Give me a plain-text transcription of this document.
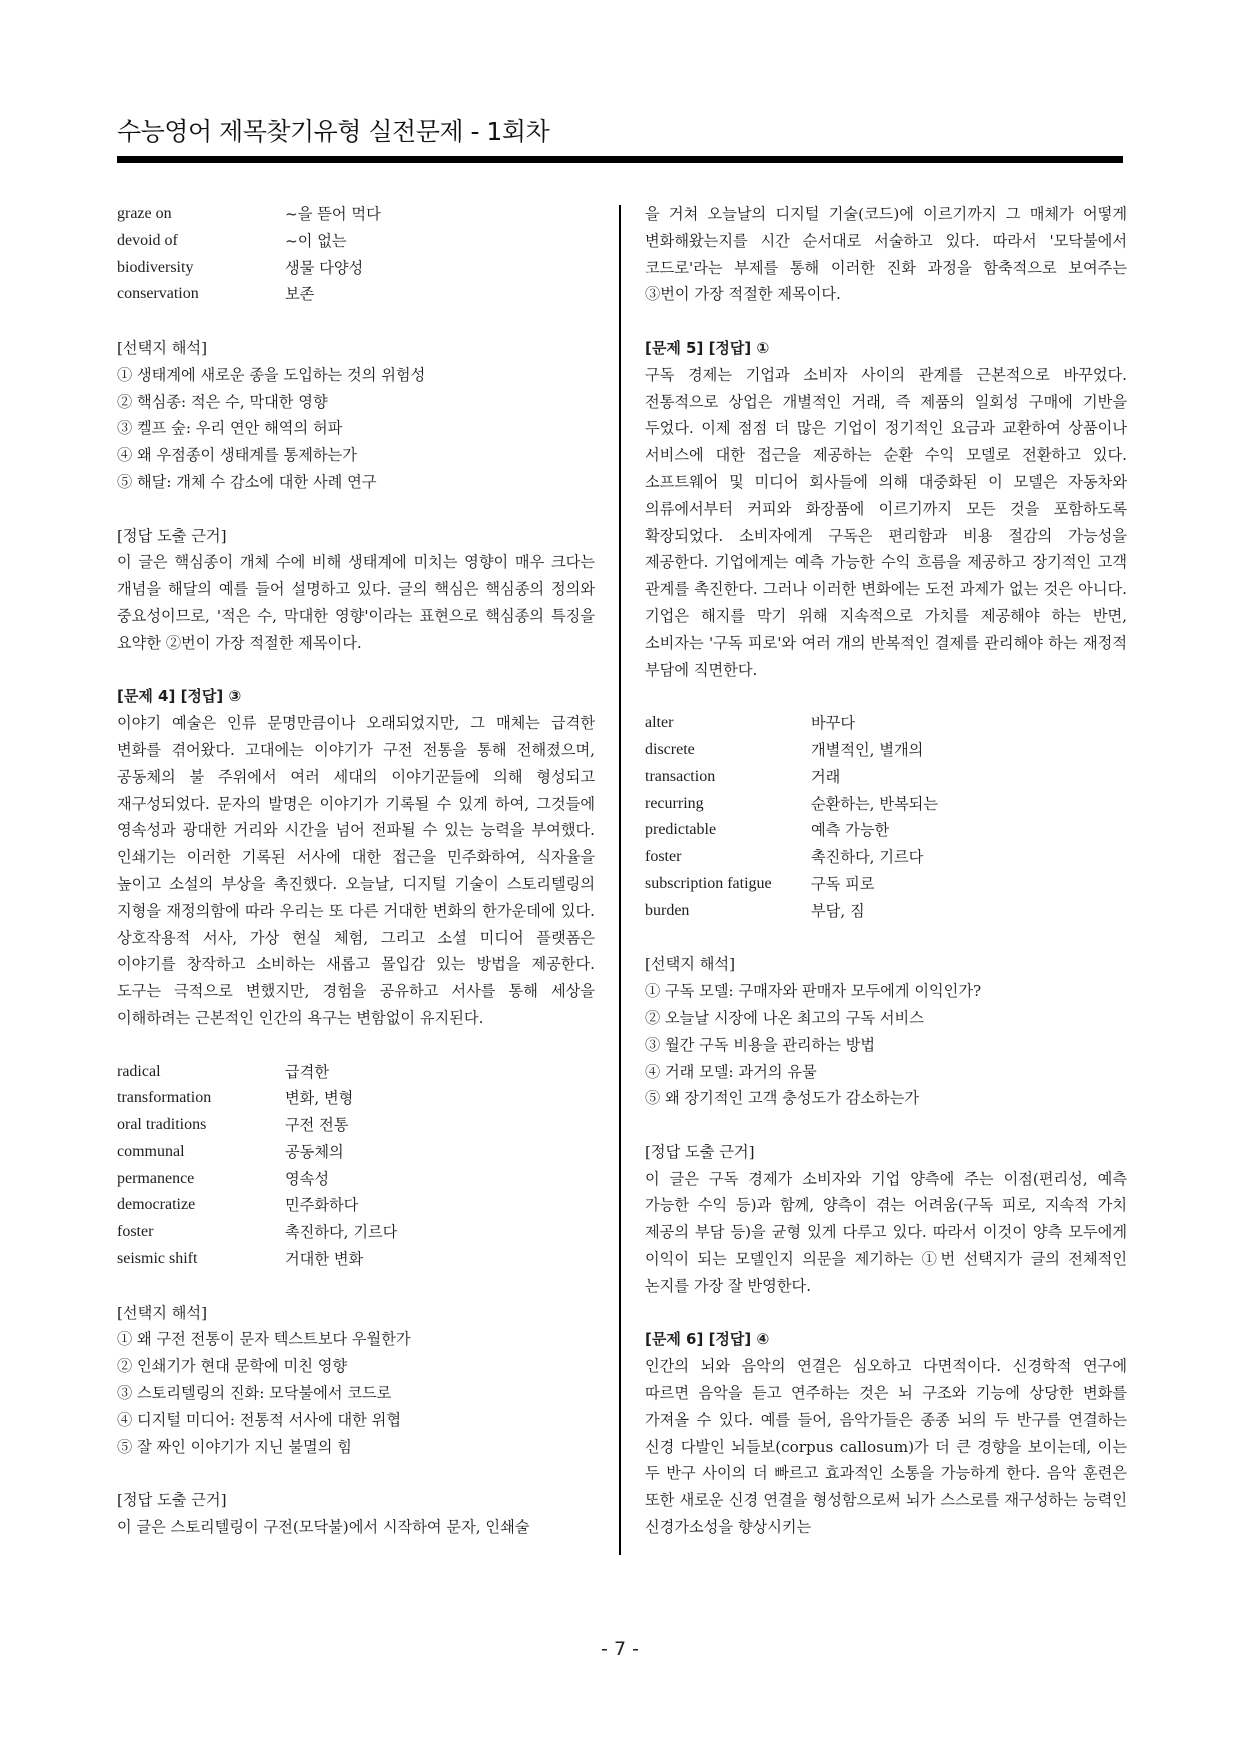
수능영어 제목찾기유형 실전문제 - 1회차
graze on	~을 뜯어 먹다
devoid of	~이 없는
biodiversity	생물 다양성
conservation	보존
[선택지 해석]
① 생태계에 새로운 종을 도입하는 것의 위험성
② 핵심종: 적은 수, 막대한 영향
③ 켈프 숲: 우리 연안 해역의 허파
④ 왜 우점종이 생태계를 통제하는가
⑤ 해달: 개체 수 감소에 대한 사례 연구
[정답 도출 근거]
이 글은 핵심종이 개체 수에 비해 생태계에 미치는 영향이 매우 크다는 개념을 해달의 예를 들어 설명하고 있다. 글의 핵심은 핵심종의 정의와 중요성이므로, '적은 수, 막대한 영향'이라는 표현으로 핵심종의 특징을 요약한 ②번이 가장 적절한 제목이다.
[문제 4] [정답] ③
이야기 예술은 인류 문명만큼이나 오래되었지만, 그 매체는 급격한 변화를 겪어왔다. 고대에는 이야기가 구전 전통을 통해 전해졌으며, 공동체의 불 주위에서 여러 세대의 이야기꾼들에 의해 형성되고 재구성되었다. 문자의 발명은 이야기가 기록될 수 있게 하여, 그것들에 영속성과 광대한 거리와 시간을 넘어 전파될 수 있는 능력을 부여했다. 인쇄기는 이러한 기록된 서사에 대한 접근을 민주화하여, 식자율을 높이고 소설의 부상을 촉진했다. 오늘날, 디지털 기술이 스토리텔링의 지형을 재정의함에 따라 우리는 또 다른 거대한 변화의 한가운데에 있다. 상호작용적 서사, 가상 현실 체험, 그리고 소셜 미디어 플랫폼은 이야기를 창작하고 소비하는 새롭고 몰입감 있는 방법을 제공한다. 도구는 극적으로 변했지만, 경험을 공유하고 서사를 통해 세상을 이해하려는 근본적인 인간의 욕구는 변함없이 유지된다.
radical	급격한
transformation	변화, 변형
oral traditions	구전 전통
communal	공동체의
permanence	영속성
democratize	민주화하다
foster	촉진하다, 기르다
seismic shift	거대한 변화
[선택지 해석]
① 왜 구전 전통이 문자 텍스트보다 우월한가
② 인쇄기가 현대 문학에 미친 영향
③ 스토리텔링의 진화: 모닥불에서 코드로
④ 디지털 미디어: 전통적 서사에 대한 위협
⑤ 잘 짜인 이야기가 지닌 불멸의 힘
[정답 도출 근거]
이 글은 스토리텔링이 구전(모닥불)에서 시작하여 문자, 인쇄술
을 거쳐 오늘날의 디지털 기술(코드)에 이르기까지 그 매체가 어떻게 변화해왔는지를 시간 순서대로 서술하고 있다. 따라서 '모닥불에서 코드로'라는 부제를 통해 이러한 진화 과정을 함축적으로 보여주는 ③번이 가장 적절한 제목이다.
[문제 5] [정답] ①
구독 경제는 기업과 소비자 사이의 관계를 근본적으로 바꾸었다. 전통적으로 상업은 개별적인 거래, 즉 제품의 일회성 구매에 기반을 두었다. 이제 점점 더 많은 기업이 정기적인 요금과 교환하여 상품이나 서비스에 대한 접근을 제공하는 순환 수익 모델로 전환하고 있다. 소프트웨어 및 미디어 회사들에 의해 대중화된 이 모델은 자동차와 의류에서부터 커피와 화장품에 이르기까지 모든 것을 포함하도록 확장되었다. 소비자에게 구독은 편리함과 비용 절감의 가능성을 제공한다. 기업에게는 예측 가능한 수익 흐름을 제공하고 장기적인 고객 관계를 촉진한다. 그러나 이러한 변화에는 도전 과제가 없는 것은 아니다. 기업은 해지를 막기 위해 지속적으로 가치를 제공해야 하는 반면, 소비자는 '구독 피로'와 여러 개의 반복적인 결제를 관리해야 하는 재정적 부담에 직면한다.
alter	바꾸다
discrete	개별적인, 별개의
transaction	거래
recurring	순환하는, 반복되는
predictable	예측 가능한
foster	촉진하다, 기르다
subscription fatigue	구독 피로
burden	부담, 짐
[선택지 해석]
① 구독 모델: 구매자와 판매자 모두에게 이익인가?
② 오늘날 시장에 나온 최고의 구독 서비스
③ 월간 구독 비용을 관리하는 방법
④ 거래 모델: 과거의 유물
⑤ 왜 장기적인 고객 충성도가 감소하는가
[정답 도출 근거]
이 글은 구독 경제가 소비자와 기업 양측에 주는 이점(편리성, 예측 가능한 수익 등)과 함께, 양측이 겪는 어려움(구독 피로, 지속적 가치 제공의 부담 등)을 균형 있게 다루고 있다. 따라서 이것이 양측 모두에게 이익이 되는 모델인지 의문을 제기하는 ①번 선택지가 글의 전체적인 논지를 가장 잘 반영한다.
[문제 6] [정답] ④
인간의 뇌와 음악의 연결은 심오하고 다면적이다. 신경학적 연구에 따르면 음악을 듣고 연주하는 것은 뇌 구조와 기능에 상당한 변화를 가져올 수 있다. 예를 들어, 음악가들은 종종 뇌의 두 반구를 연결하는 신경 다발인 뇌들보(corpus callosum)가 더 큰 경향을 보이는데, 이는 두 반구 사이의 더 빠르고 효과적인 소통을 가능하게 한다. 음악 훈련은 또한 새로운 신경 연결을 형성함으로써 뇌가 스스로를 재구성하는 능력인 신경가소성을 향상시키는
- 7 -
